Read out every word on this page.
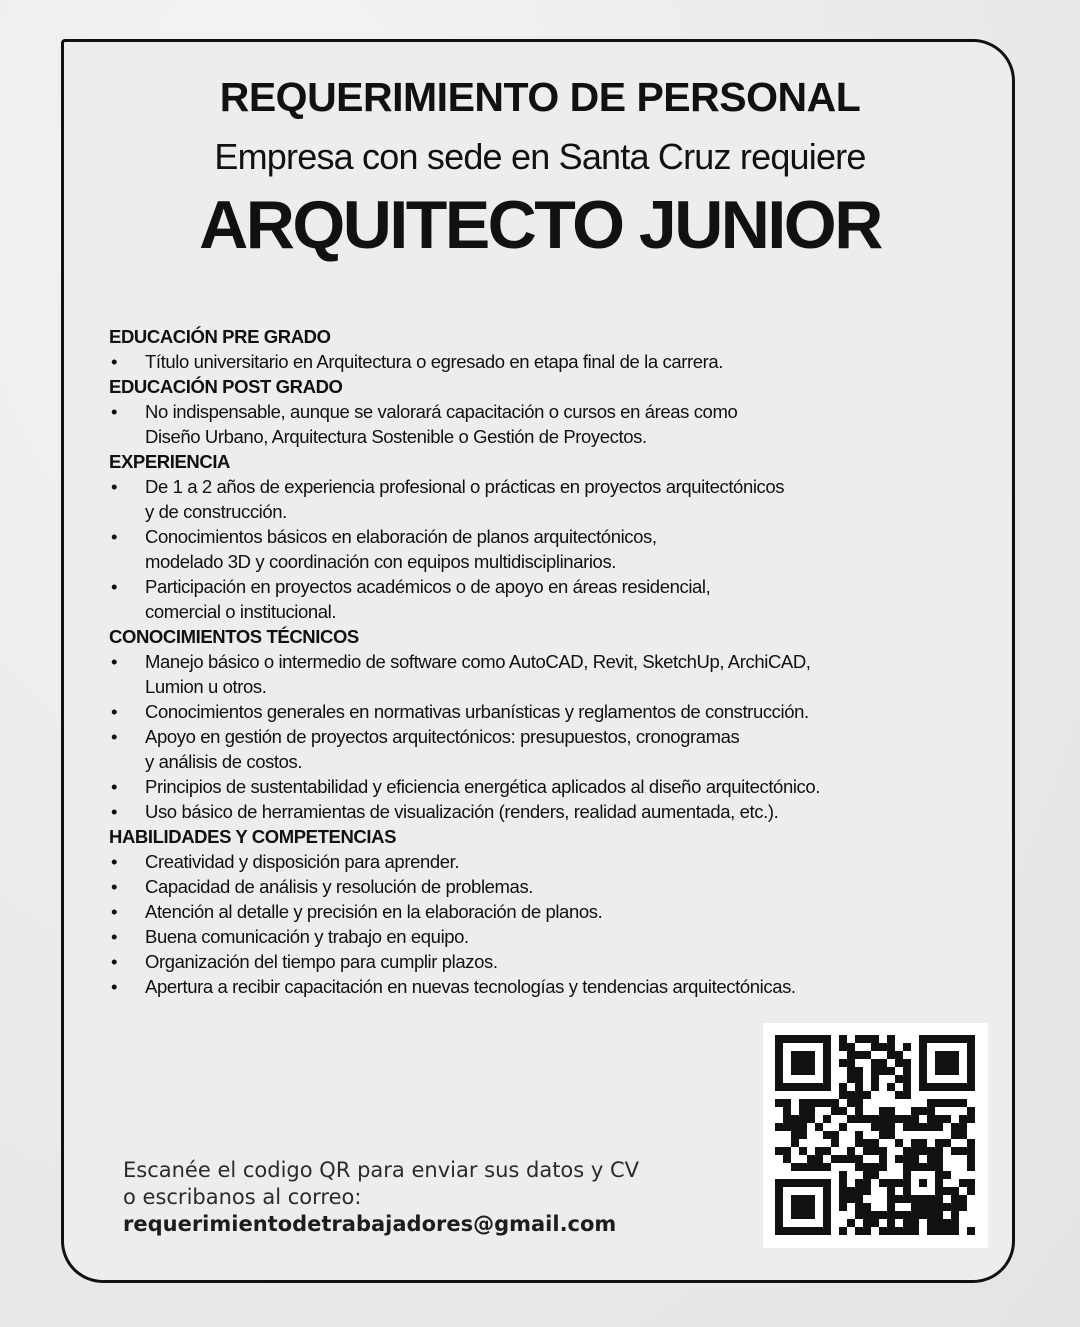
REQUERIMIENTO DE PERSONAL
Empresa con sede en Santa Cruz requiere
ARQUITECTO JUNIOR
EDUCACIÓN PRE GRADO
• Título universitario en Arquitectura o egresado en etapa final de la carrera.
EDUCACIÓN POST GRADO
• No indispensable, aunque se valorará capacitación o cursos en áreas como
Diseño Urbano, Arquitectura Sostenible o Gestión de Proyectos.
EXPERIENCIA
• De 1 a 2 años de experiencia profesional o prácticas en proyectos arquitectónicos
y de construcción.
• Conocimientos básicos en elaboración de planos arquitectónicos,
modelado 3D y coordinación con equipos multidisciplinarios.
• Participación en proyectos académicos o de apoyo en áreas residencial,
comercial o institucional.
CONOCIMIENTOS TÉCNICOS
• Manejo básico o intermedio de software como AutoCAD, Revit, SketchUp, ArchiCAD,
Lumion u otros.
• Conocimientos generales en normativas urbanísticas y reglamentos de construcción.
• Apoyo en gestión de proyectos arquitectónicos: presupuestos, cronogramas
y análisis de costos.
• Principios de sustentabilidad y eficiencia energética aplicados al diseño arquitectónico.
• Uso básico de herramientas de visualización (renders, realidad aumentada, etc.).
HABILIDADES Y COMPETENCIAS
• Creatividad y disposición para aprender.
• Capacidad de análisis y resolución de problemas.
• Atención al detalle y precisión en la elaboración de planos.
• Buena comunicación y trabajo en equipo.
• Organización del tiempo para cumplir plazos.
• Apertura a recibir capacitación en nuevas tecnologías y tendencias arquitectónicas.
Escanée el codigo QR para enviar sus datos y CV
o escribanos al correo:
requerimientodetrabajadores@gmail.com
